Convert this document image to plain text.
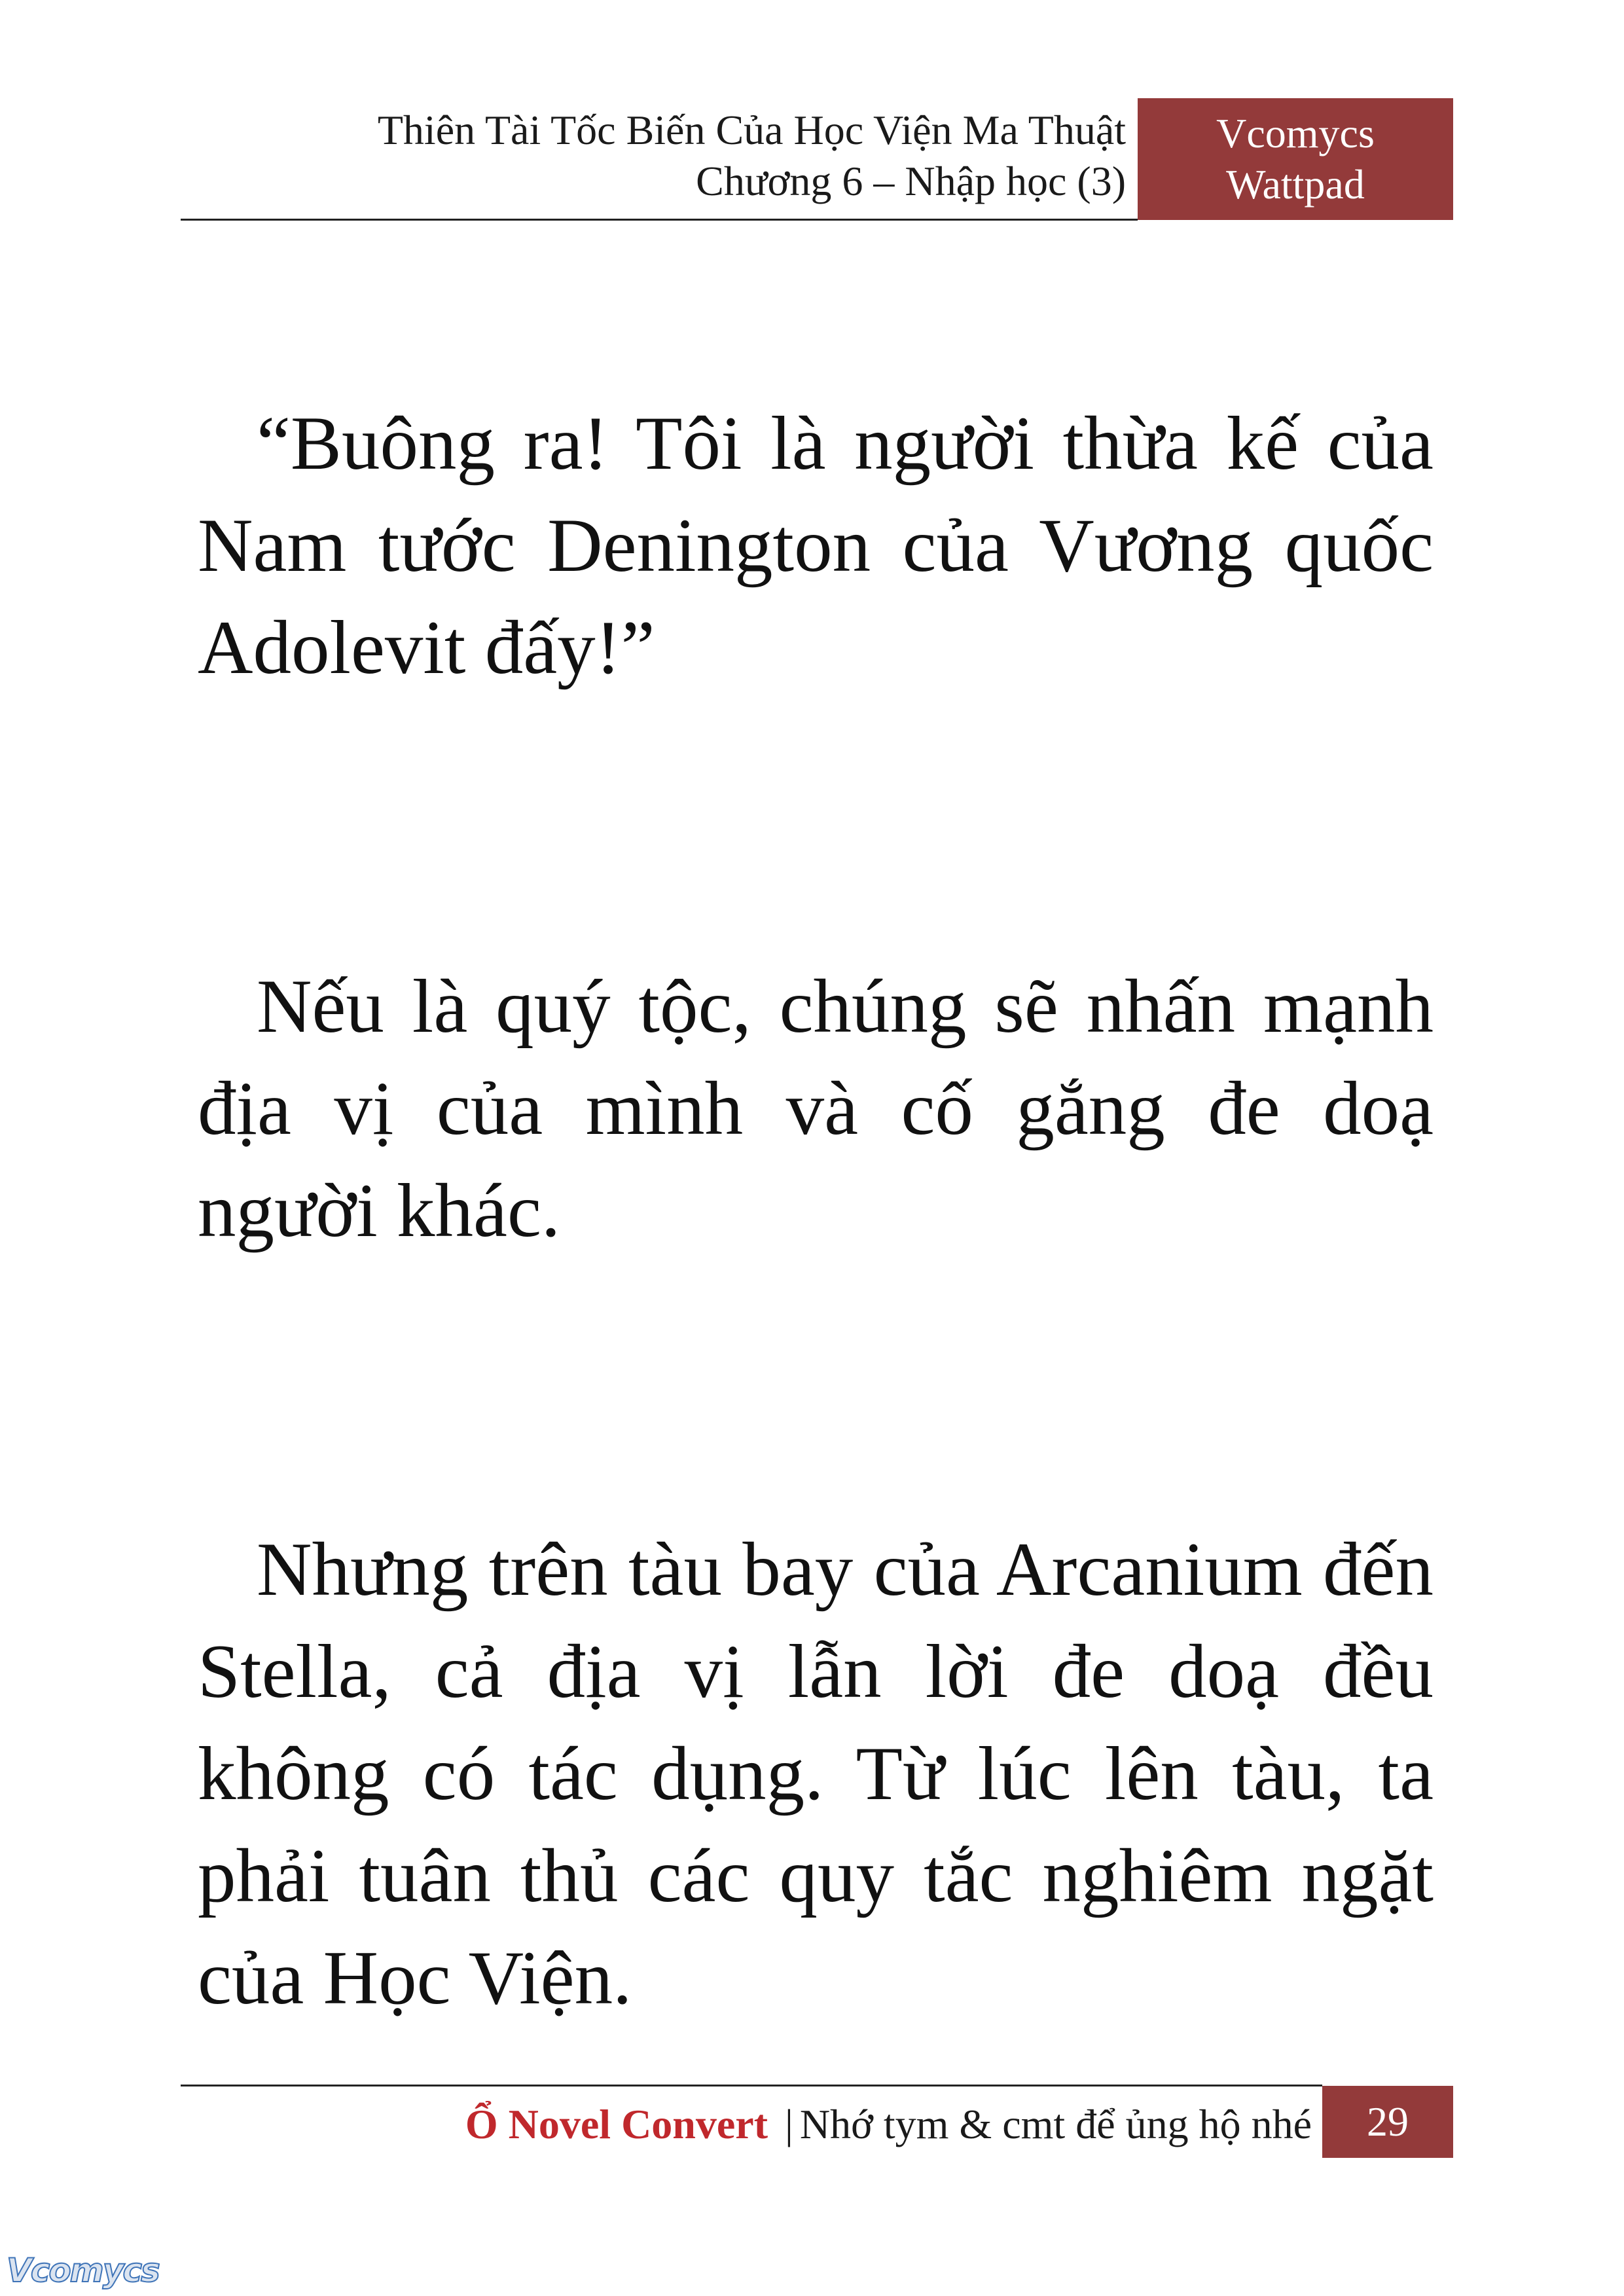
Thiên Tài Tốc Biến Của Học Viện Ma Thuật
Chương 6 – Nhập học (3)
Vcomycs
Wattpad

“Buông ra! Tôi là người thừa kế của Nam tước Denington của Vương quốc Adolevit đấy!”

Nếu là quý tộc, chúng sẽ nhấn mạnh địa vị của mình và cố gắng đe doạ người khác.

Nhưng trên tàu bay của Arcanium đến Stella, cả địa vị lẫn lời đe doạ đều không có tác dụng. Từ lúc lên tàu, ta phải tuân thủ các quy tắc nghiêm ngặt của Học Viện.

Ổ Novel Convert | Nhớ tym & cmt để ủng hộ nhé	29
Vcomycs
